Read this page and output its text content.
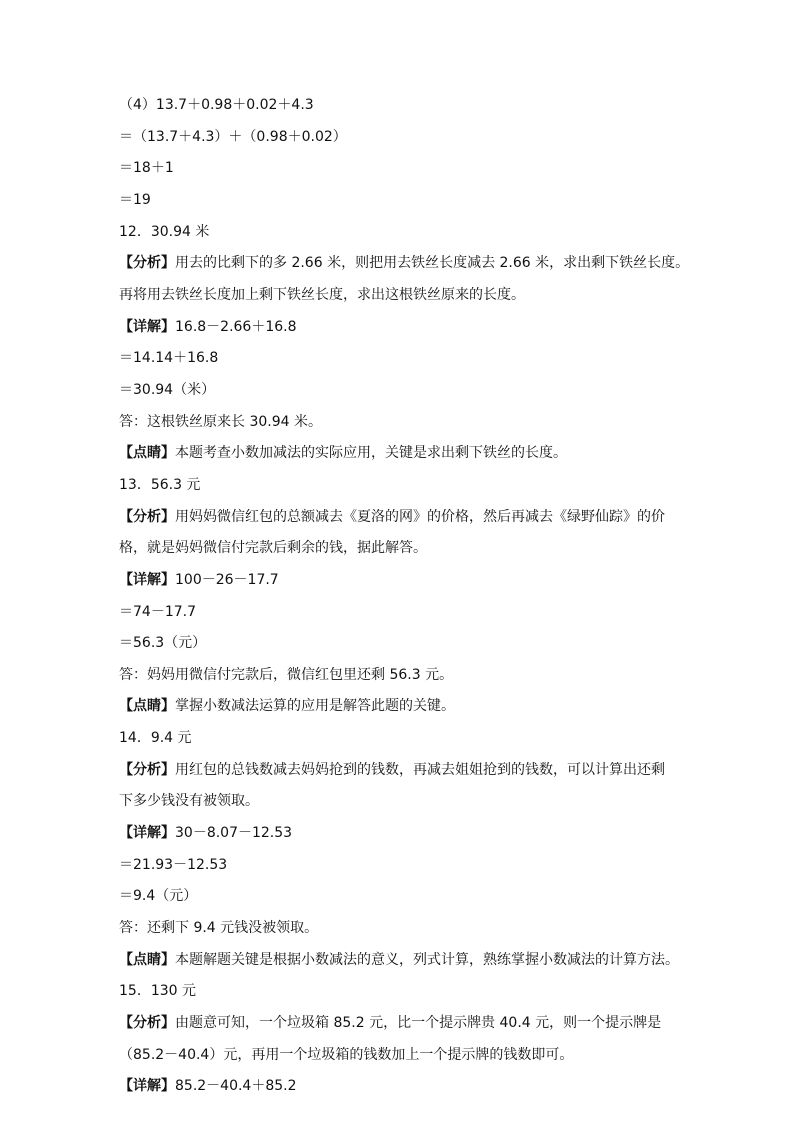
（4）13.7＋0.98＋0.02＋4.3
＝（13.7＋4.3）＋（0.98＋0.02）
＝18＋1
＝19
12．30.94 米
【分析】用去的比剩下的多 2.66 米，则把用去铁丝长度减去 2.66 米，求出剩下铁丝长度。
再将用去铁丝长度加上剩下铁丝长度，求出这根铁丝原来的长度。
【详解】16.8－2.66＋16.8
＝14.14＋16.8
＝30.94（米）
答：这根铁丝原来长 30.94 米。
【点睛】本题考查小数加减法的实际应用，关键是求出剩下铁丝的长度。
13．56.3 元
【分析】用妈妈微信红包的总额减去《夏洛的网》的价格，然后再减去《绿野仙踪》的价
格，就是妈妈微信付完款后剩余的钱，据此解答。
【详解】100－26－17.7
＝74－17.7
＝56.3（元）
答：妈妈用微信付完款后，微信红包里还剩 56.3 元。
【点睛】掌握小数减法运算的应用是解答此题的关键。
14．9.4 元
【分析】用红包的总钱数减去妈妈抢到的钱数，再减去姐姐抢到的钱数，可以计算出还剩
下多少钱没有被领取。
【详解】30－8.07－12.53
＝21.93－12.53
＝9.4（元）
答：还剩下 9.4 元钱没被领取。
【点睛】本题解题关键是根据小数减法的意义，列式计算，熟练掌握小数减法的计算方法。
15．130 元
【分析】由题意可知，一个垃圾箱 85.2 元，比一个提示牌贵 40.4 元，则一个提示牌是
（85.2－40.4）元，再用一个垃圾箱的钱数加上一个提示牌的钱数即可。
【详解】85.2－40.4＋85.2
